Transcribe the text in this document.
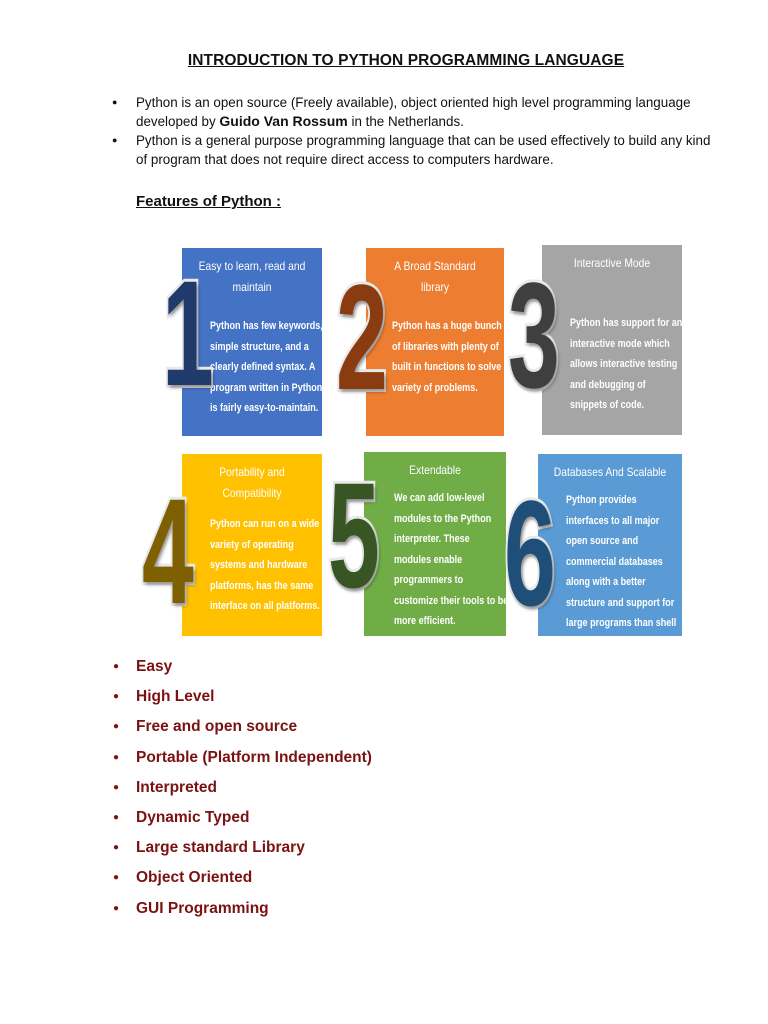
INTRODUCTION TO PYTHON PROGRAMMING LANGUAGE
● Python is an open source (Freely available), object oriented high level programming language developed by Guido Van Rossum in the Netherlands.
● Python is a general purpose programming language that can be used effectively to build any kind of program that does not require direct access to computers hardware.
Features of Python :
Easy to learn, read and maintain
Python has few keywords, simple structure, and a clearly defined syntax. A program written in Python is fairly easy-to-maintain.
1	A Broad Standard library
Python has a huge bunch of libraries with plenty of built in functions to solve variety of problems.
2	Interactive Mode
Python has support for an interactive mode which allows interactive testing and debugging of snippets of code.
3
Portability and Compatibility
Python can run on a wide variety of operating systems and hardware platforms, has the same interface on all platforms.
4	Extendable
We can add low-level modules to the Python interpreter. These modules enable programmers to customize their tools to be more efficient.
5	Databases And Scalable
Python provides interfaces to all major open source and commercial databases along with a better structure and support for large programs than shell scripting.
6
● Easy
● High Level
● Free and open source
● Portable (Platform Independent)
● Interpreted
● Dynamic Typed
● Large standard Library
● Object Oriented
● GUI Programming
